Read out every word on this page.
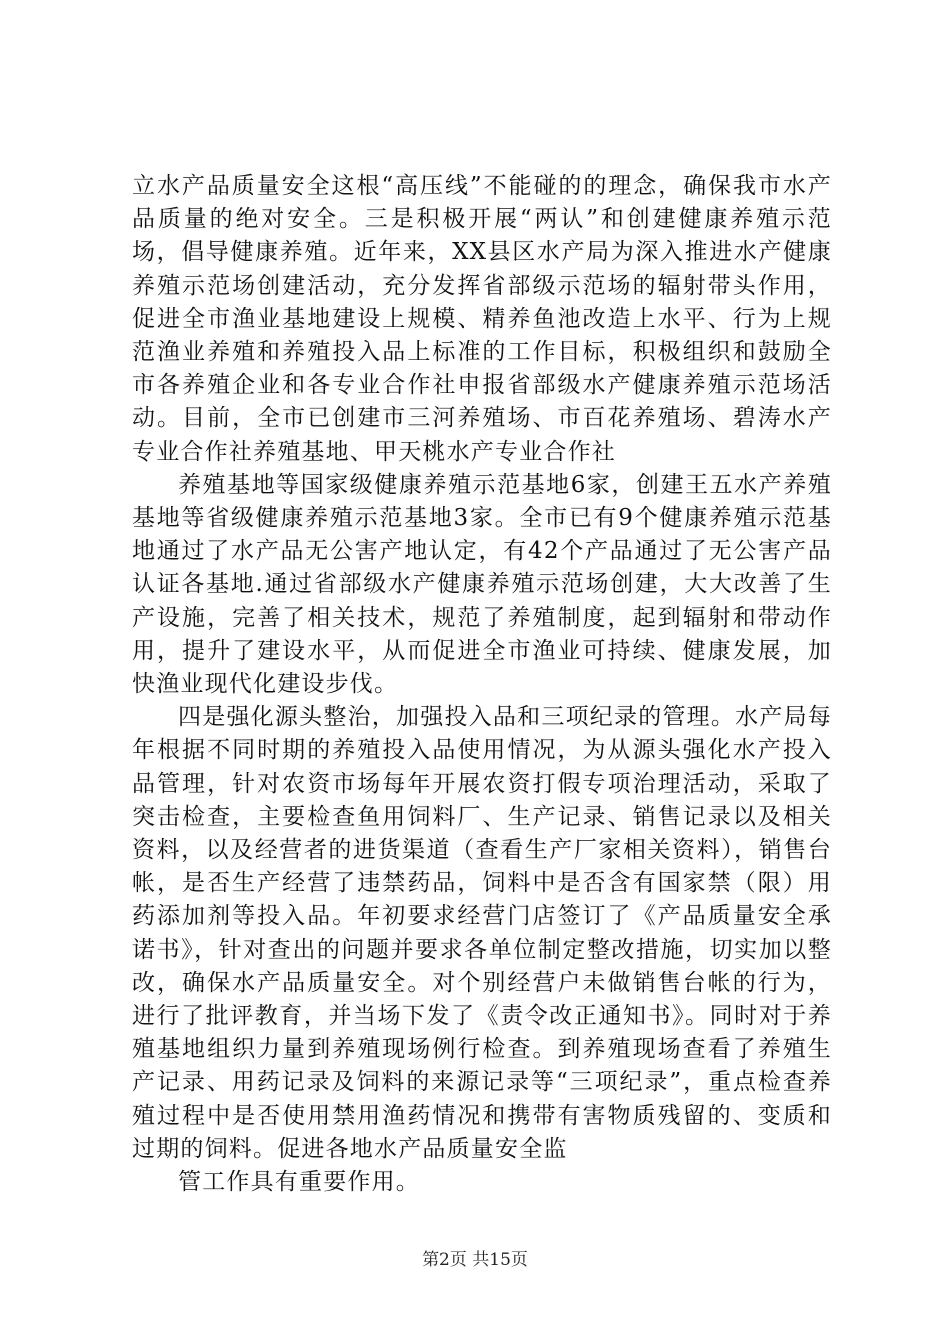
立水产品质量安全这根“高压线”不能碰的的理念，确保我市水产品质量的绝对安全。三是积极开展“两认”和创建健康养殖示范场，倡导健康养殖。近年来，XX县区水产局为深入推进水产健康养殖示范场创建活动，充分发挥省部级示范场的辐射带头作用，促进全市渔业基地建设上规模、精养鱼池改造上水平、行为上规范渔业养殖和养殖投入品上标准的工作目标，积极组织和鼓励全市各养殖企业和各专业合作社申报省部级水产健康养殖示范场活动。目前，全市已创建市三河养殖场、市百花养殖场、碧涛水产专业合作社养殖基地、甲天桃水产专业合作社

养殖基地等国家级健康养殖示范基地6家，创建王五水产养殖基地等省级健康养殖示范基地3家。全市已有9个健康养殖示范基地通过了水产品无公害产地认定，有42个产品通过了无公害产品认证各基地.通过省部级水产健康养殖示范场创建，大大改善了生产设施，完善了相关技术，规范了养殖制度，起到辐射和带动作用，提升了建设水平，从而促进全市渔业可持续、健康发展，加快渔业现代化建设步伐。

四是强化源头整治，加强投入品和三项纪录的管理。水产局每年根据不同时期的养殖投入品使用情况，为从源头强化水产投入品管理，针对农资市场每年开展农资打假专项治理活动，采取了突击检查，主要检查鱼用饲料厂、生产记录、销售记录以及相关资料，以及经营者的进货渠道（查看生产厂家相关资料），销售台帐，是否生产经营了违禁药品，饲料中是否含有国家禁（限）用药添加剂等投入品。年初要求经营门店签订了《产品质量安全承诺书》，针对查出的问题并要求各单位制定整改措施，切实加以整改，确保水产品质量安全。对个别经营户未做销售台帐的行为，进行了批评教育，并当场下发了《责令改正通知书》。同时对于养殖基地组织力量到养殖现场例行检查。到养殖现场查看了养殖生产记录、用药记录及饲料的来源记录等“三项纪录”，重点检查养殖过程中是否使用禁用渔药情况和携带有害物质残留的、变质和过期的饲料。促进各地水产品质量安全监

管工作具有重要作用。

第2页 共15页
